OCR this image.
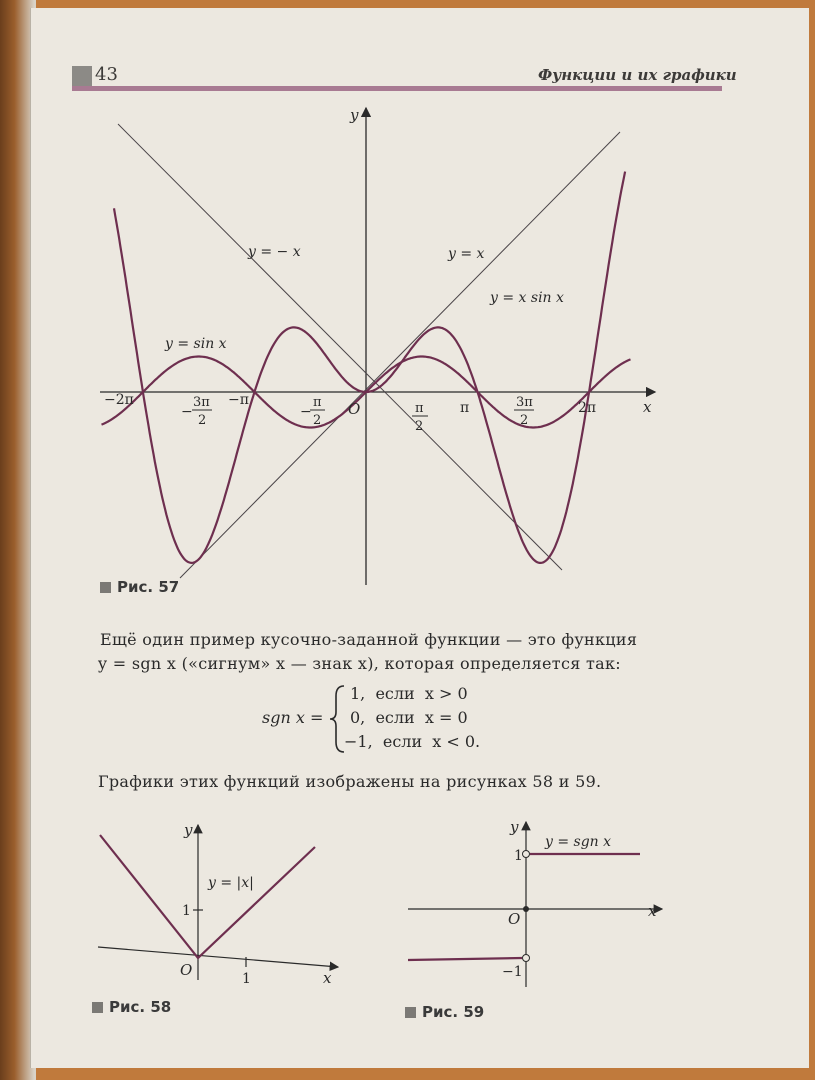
43	Функции и их графики
y = − x	y = x
y = x sin x
y = sin x
y
x
O
−2π
−
3π
2
−π
−
π
2
π
2
π	3π
2
2π
Рис. 57
Ещё один пример кусочно-заданной функции — это функция
y = sgn x («сигнум» x — знак x), которая определяется так:
sgn x =
1,  если  x > 0
0,  если  x = 0
−1,  если  x < 0.
Графики этих функций изображены на рисунках 58 и 59.
y
x
O
1
1
y = |x|
Рис. 58
y
x
O
1
−1
y = sgn x
Рис. 59
